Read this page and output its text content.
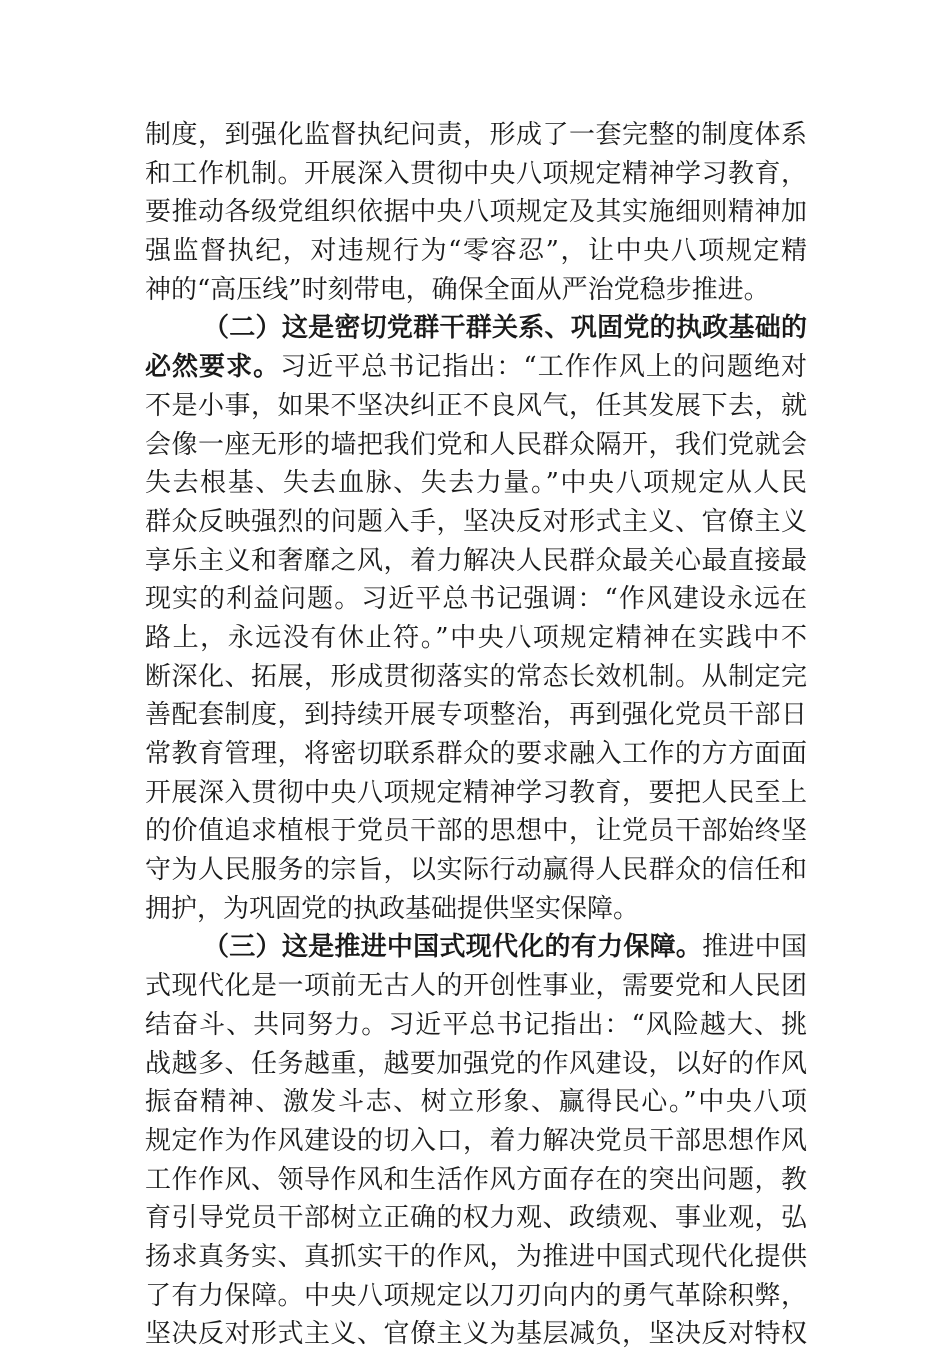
制度，到强化监督执纪问责，形成了一套完整的制度体系
和工作机制。开展深入贯彻中央八项规定精神学习教育，
要推动各级党组织依据中央八项规定及其实施细则精神加
强监督执纪，对违规行为“零容忍”，让中央八项规定精
神的“高压线”时刻带电，确保全面从严治党稳步推进。
（二）这是密切党群干群关系、巩固党的执政基础的
必然要求。习近平总书记指出：“工作作风上的问题绝对
不是小事，如果不坚决纠正不良风气，任其发展下去，就
会像一座无形的墙把我们党和人民群众隔开，我们党就会
失去根基、失去血脉、失去力量。”中央八项规定从人民
群众反映强烈的问题入手，坚决反对形式主义、官僚主义
享乐主义和奢靡之风，着力解决人民群众最关心最直接最
现实的利益问题。习近平总书记强调：“作风建设永远在
路上，永远没有休止符。”中央八项规定精神在实践中不
断深化、拓展，形成贯彻落实的常态长效机制。从制定完
善配套制度，到持续开展专项整治，再到强化党员干部日
常教育管理，将密切联系群众的要求融入工作的方方面面
开展深入贯彻中央八项规定精神学习教育，要把人民至上
的价值追求植根于党员干部的思想中，让党员干部始终坚
守为人民服务的宗旨，以实际行动赢得人民群众的信任和
拥护，为巩固党的执政基础提供坚实保障。
（三）这是推进中国式现代化的有力保障。推进中国
式现代化是一项前无古人的开创性事业，需要党和人民团
结奋斗、共同努力。习近平总书记指出：“风险越大、挑
战越多、任务越重，越要加强党的作风建设，以好的作风
振奋精神、激发斗志、树立形象、赢得民心。”中央八项
规定作为作风建设的切入口，着力解决党员干部思想作风
工作作风、领导作风和生活作风方面存在的突出问题，教
育引导党员干部树立正确的权力观、政绩观、事业观，弘
扬求真务实、真抓实干的作风，为推进中国式现代化提供
了有力保障。中央八项规定以刀刃向内的勇气革除积弊，
坚决反对形式主义、官僚主义为基层减负，坚决反对特权
